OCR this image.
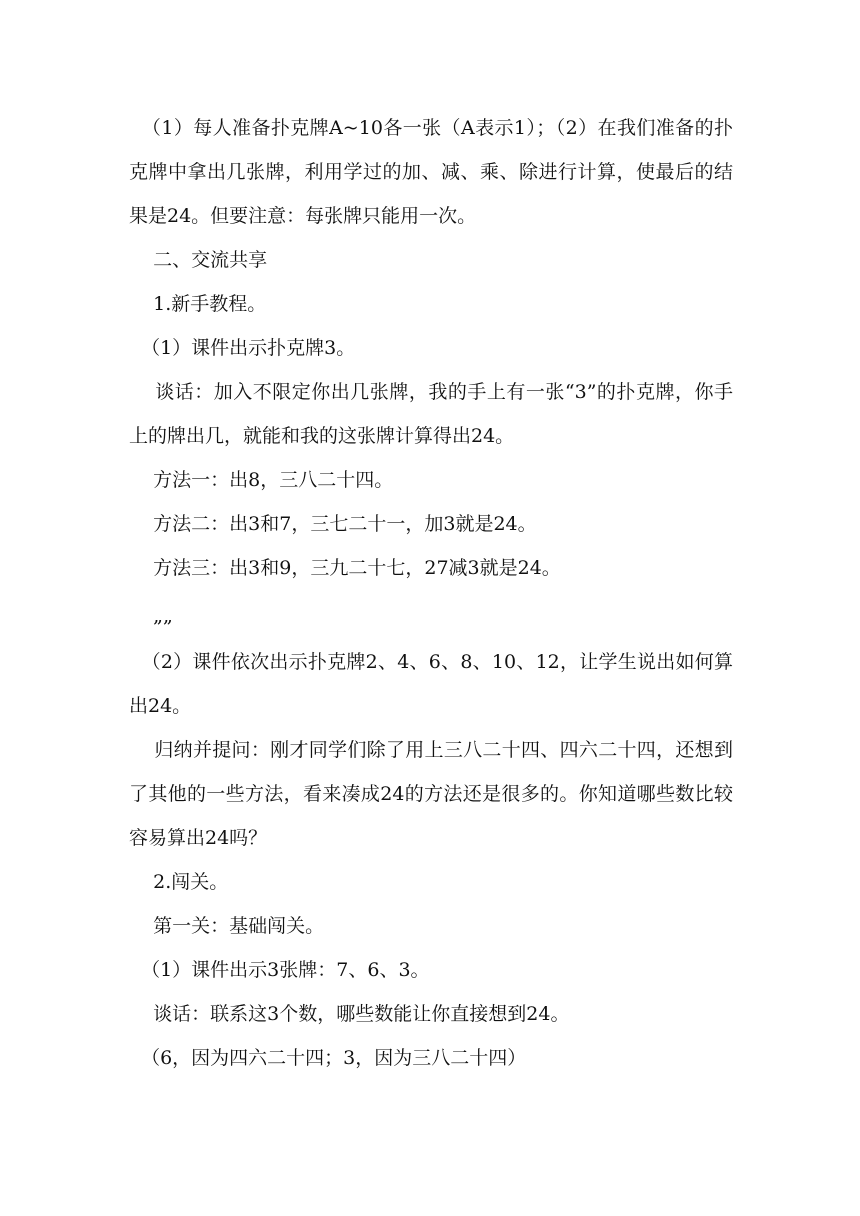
（1）每人准备扑克牌A~10各一张（A表示1）；（2）在我们准备的扑克牌中拿出几张牌，利用学过的加、减、乘、除进行计算，使最后的结果是24。但要注意：每张牌只能用一次。

二、交流共享

1.新手教程。

（1）课件出示扑克牌3。

谈话：加入不限定你出几张牌，我的手上有一张“3”的扑克牌，你手上的牌出几，就能和我的这张牌计算得出24。

方法一：出8，三八二十四。

方法二：出3和7，三七二十一，加3就是24。

方法三：出3和9，三九二十七，27减3就是24。

„„

（2）课件依次出示扑克牌2、4、6、8、10、12，让学生说出如何算出24。

归纳并提问：刚才同学们除了用上三八二十四、四六二十四，还想到了其他的一些方法，看来凑成24的方法还是很多的。你知道哪些数比较容易算出24吗？

2.闯关。

第一关：基础闯关。

（1）课件出示3张牌：7、6、3。

谈话：联系这3个数，哪些数能让你直接想到24。

（6，因为四六二十四；3，因为三八二十四）
